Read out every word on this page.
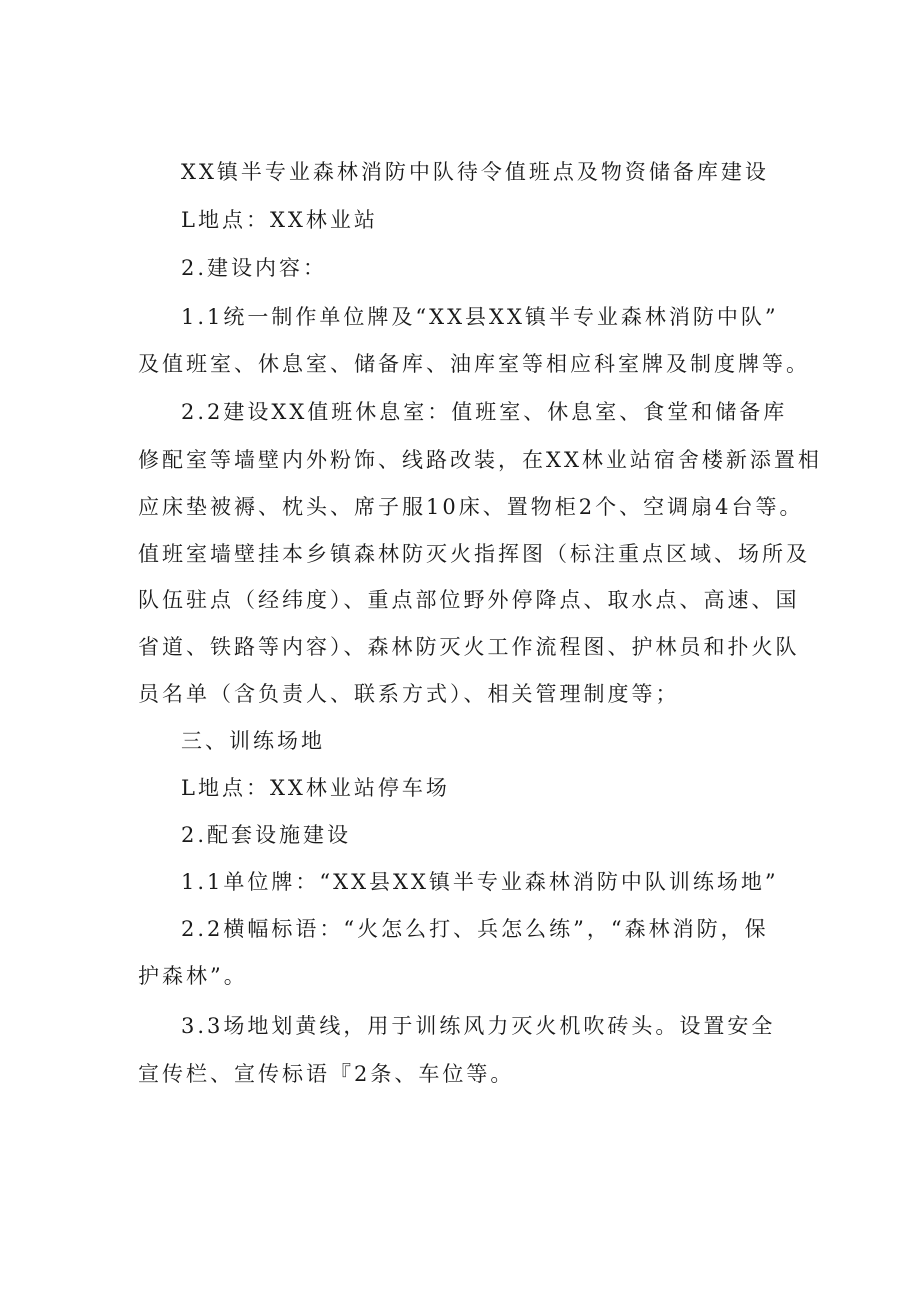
XX镇半专业森林消防中队待令值班点及物资储备库建设
L地点：XX林业站
2.建设内容：
1.1统一制作单位牌及“XX县XX镇半专业森林消防中队”
及值班室、休息室、储备库、油库室等相应科室牌及制度牌等。
2.2建设XX值班休息室：值班室、休息室、食堂和储备库
修配室等墙壁内外粉饰、线路改装，在XX林业站宿舍楼新添置相
应床垫被褥、枕头、席子服10床、置物柜2个、空调扇4台等。
值班室墙壁挂本乡镇森林防灭火指挥图（标注重点区域、场所及
队伍驻点（经纬度）、重点部位野外停降点、取水点、高速、国
省道、铁路等内容）、森林防灭火工作流程图、护林员和扑火队
员名单（含负责人、联系方式）、相关管理制度等；
三、训练场地
L地点：XX林业站停车场
2.配套设施建设
1.1单位牌：“XX县XX镇半专业森林消防中队训练场地”
2.2横幅标语：“火怎么打、兵怎么练”，“森林消防，保
护森林”。
3.3场地划黄线，用于训练风力灭火机吹砖头。设置安全
宣传栏、宣传标语『2条、车位等。
